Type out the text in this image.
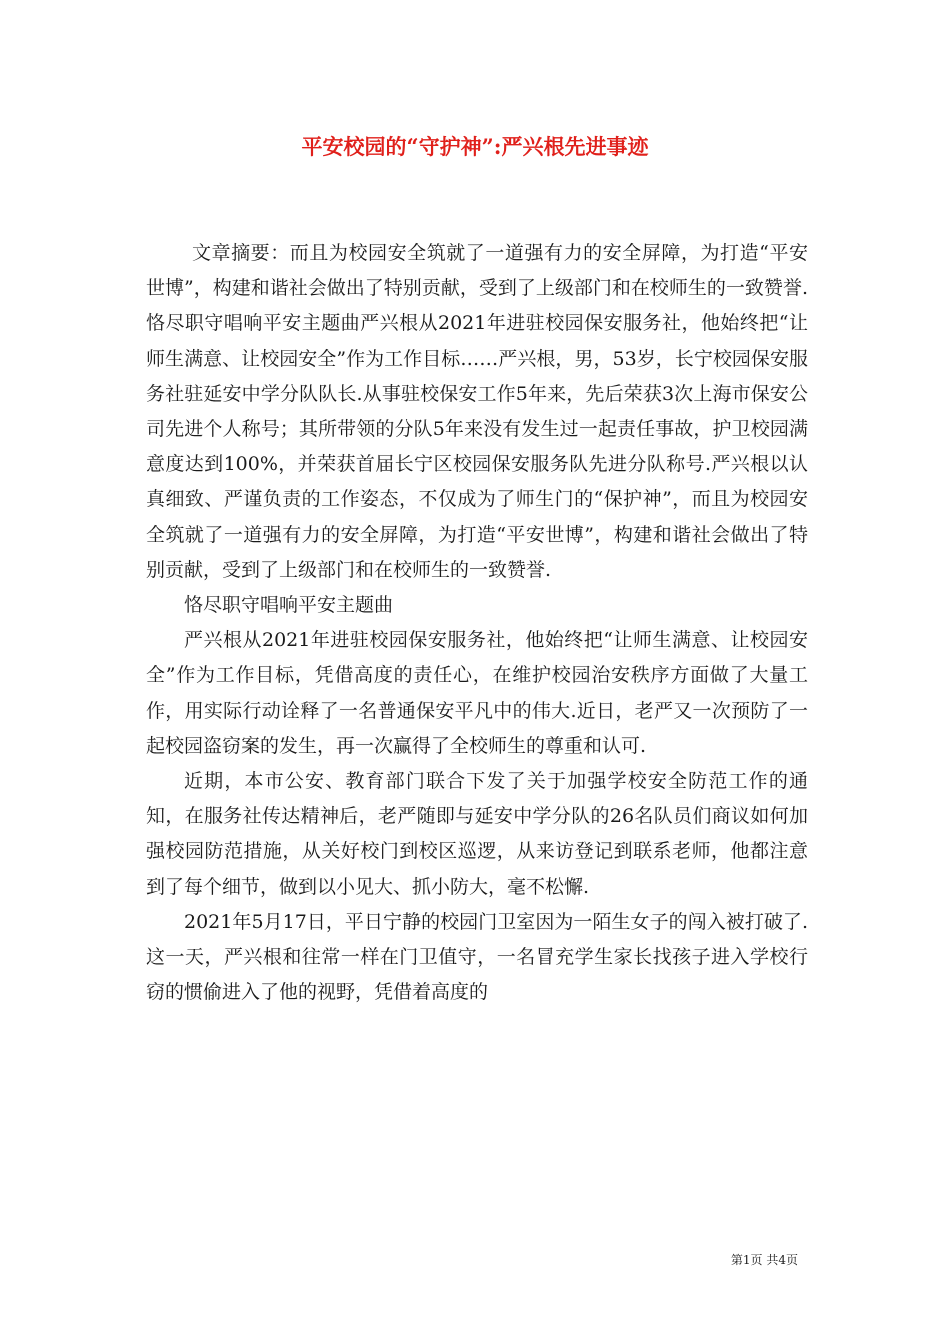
平安校园的“守护神”:严兴根先进事迹

文章摘要：而且为校园安全筑就了一道强有力的安全屏障，为打造“平安世博”，构建和谐社会做出了特别贡献，受到了上级部门和在校师生的一致赞誉.恪尽职守唱响平安主题曲严兴根从2021年进驻校园保安服务社，他始终把“让师生满意、让校园安全”作为工作目标……严兴根，男，53岁，长宁校园保安服务社驻延安中学分队队长.从事驻校保安工作5年来，先后荣获3次上海市保安公司先进个人称号；其所带领的分队5年来没有发生过一起责任事故，护卫校园满意度达到100%，并荣获首届长宁区校园保安服务队先进分队称号.严兴根以认真细致、严谨负责的工作姿态，不仅成为了师生门的“保护神”，而且为校园安全筑就了一道强有力的安全屏障，为打造“平安世博”，构建和谐社会做出了特别贡献，受到了上级部门和在校师生的一致赞誉.

恪尽职守唱响平安主题曲

严兴根从2021年进驻校园保安服务社，他始终把“让师生满意、让校园安全”作为工作目标，凭借高度的责任心，在维护校园治安秩序方面做了大量工作，用实际行动诠释了一名普通保安平凡中的伟大.近日，老严又一次预防了一起校园盗窃案的发生，再一次赢得了全校师生的尊重和认可.

近期，本市公安、教育部门联合下发了关于加强学校安全防范工作的通知，在服务社传达精神后，老严随即与延安中学分队的26名队员们商议如何加强校园防范措施，从关好校门到校区巡逻，从来访登记到联系老师，他都注意到了每个细节，做到以小见大、抓小防大，毫不松懈.

2021年5月17日，平日宁静的校园门卫室因为一陌生女子的闯入被打破了.这一天，严兴根和往常一样在门卫值守，一名冒充学生家长找孩子进入学校行窃的惯偷进入了他的视野，凭借着高度的

第1页 共4页
